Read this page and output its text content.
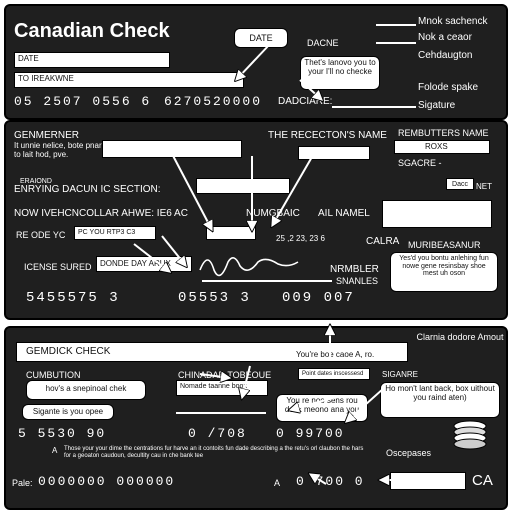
Canadian Check
DATE
TO IREAKWNE
DATE	DACNE
Thet's lanovo you to your I'll no checke
05 2507 0556 6 6270520000 DADCIARE:
Mnok sachenck
Nok a ceaor
Cehdaugton
Folode spake
Sigature
GENMERNER
It unnie nelice, bote pnar to lait hod, pve.
THE RECECTON'S NAME REMBUTTERS NAME
ROXS
SGACRE -
ERAIOND
ENRYING DACUN IC SECTION:	Dacc	NET
NOW IVEHCNCOLLAR AHWE: IE6 AC	NUMGBAIC AIL NAMEL
RE ODE YC	PC YOU RTP3 C3
25 ,2 23, 23 6	CALRA MURIBEASANUR
ICENSE SURED	DONDE DAY ARUX
NRMBLER
SNANLES
Yes'd you bontu anlehing fun nowe gene resinsbay shoe mest uh oson
5455575 3	05553 3 009 007
GEMDICK CHECK	You're boe caoe A, ro.
Clarnia dodore Amout
CUMBUTION	CHINADAR TOBEOUE
hov's a snepinoal chek
Sigante is you opee
Nomade taanne boox
Point dates inscessesd
You re noo sens rou desk meono ana you
SIGANRE
Ho mon't lant back, box uithout you raind aten)
5 5530 90	0 /708 0 99700
A Those your your dime the centrations fur harve an it contoits fun dade describing a the retu's orl claubon the hars for a geoaton caudoun, decultity cau in che bank tee	Oscepases
Pale: 0000000 000000	A 0 700 0	CA
